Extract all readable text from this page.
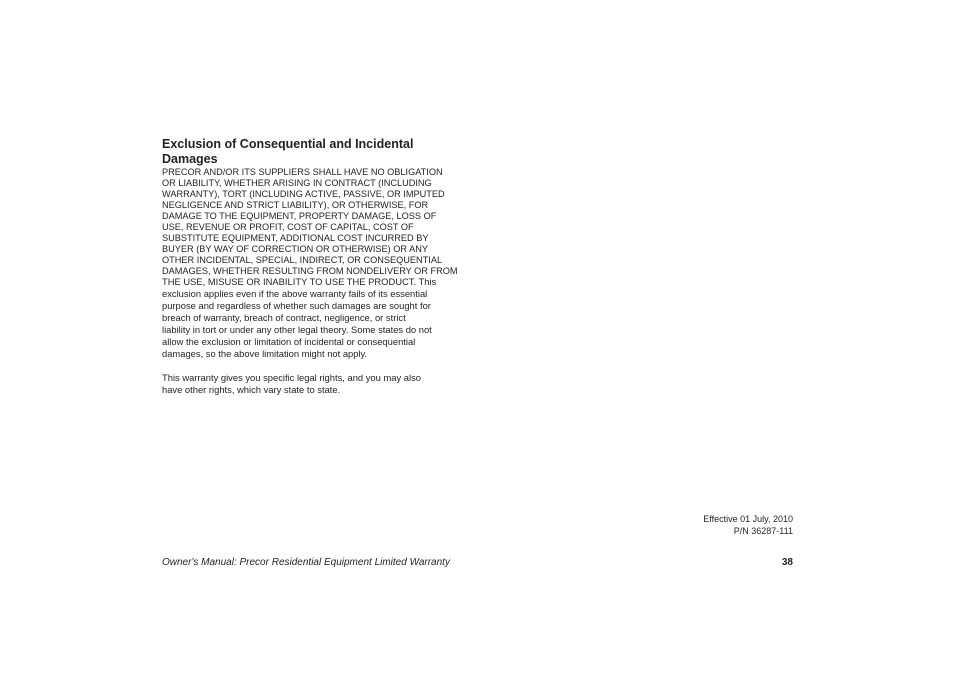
Exclusion of Consequential and Incidental
Damages

PRECOR AND/OR ITS SUPPLIERS SHALL HAVE NO OBLIGATION
OR LIABILITY, WHETHER ARISING IN CONTRACT (INCLUDING
WARRANTY), TORT (INCLUDING ACTIVE, PASSIVE, OR IMPUTED
NEGLIGENCE AND STRICT LIABILITY), OR OTHERWISE, FOR
DAMAGE TO THE EQUIPMENT, PROPERTY DAMAGE, LOSS OF
USE, REVENUE OR PROFIT, COST OF CAPITAL, COST OF
SUBSTITUTE EQUIPMENT, ADDITIONAL COST INCURRED BY
BUYER (BY WAY OF CORRECTION OR OTHERWISE) OR ANY
OTHER INCIDENTAL, SPECIAL, INDIRECT, OR CONSEQUENTIAL
DAMAGES, WHETHER RESULTING FROM NONDELIVERY OR FROM

THE USE, MISUSE OR INABILITY TO USE THE PRODUCT. This
exclusion applies even if the above warranty fails of its essential
purpose and regardless of whether such damages are sought for
breach of warranty, breach of contract, negligence, or strict
liability in tort or under any other legal theory. Some states do not
allow the exclusion or limitation of incidental or consequential
damages, so the above limitation might not apply.

This warranty gives you specific legal rights, and you may also
have other rights, which vary state to state.

Effective 01 July, 2010
P/N 36287-111
Owner's Manual: Precor Residential Equipment Limited Warranty	38
